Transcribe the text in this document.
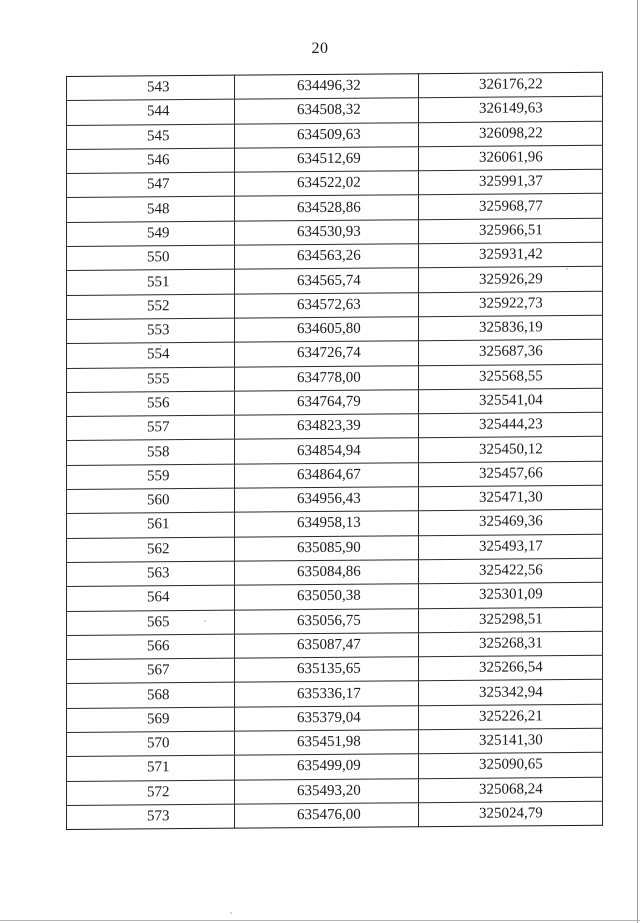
20
543	634496,32	326176,22
544	634508,32	326149,63
545	634509,63	326098,22
546	634512,69	326061,96
547	634522,02	325991,37
548	634528,86	325968,77
549	634530,93	325966,51
550	634563,26	325931,42
551	634565,74	325926,29
552	634572,63	325922,73
553	634605,80	325836,19
554	634726,74	325687,36
555	634778,00	325568,55
556	634764,79	325541,04
557	634823,39	325444,23
558	634854,94	325450,12
559	634864,67	325457,66
560	634956,43	325471,30
561	634958,13	325469,36
562	635085,90	325493,17
563	635084,86	325422,56
564	635050,38	325301,09
565	635056,75	325298,51
566	635087,47	325268,31
567	635135,65	325266,54
568	635336,17	325342,94
569	635379,04	325226,21
570	635451,98	325141,30
571	635499,09	325090,65
572	635493,20	325068,24
573	635476,00	325024,79
